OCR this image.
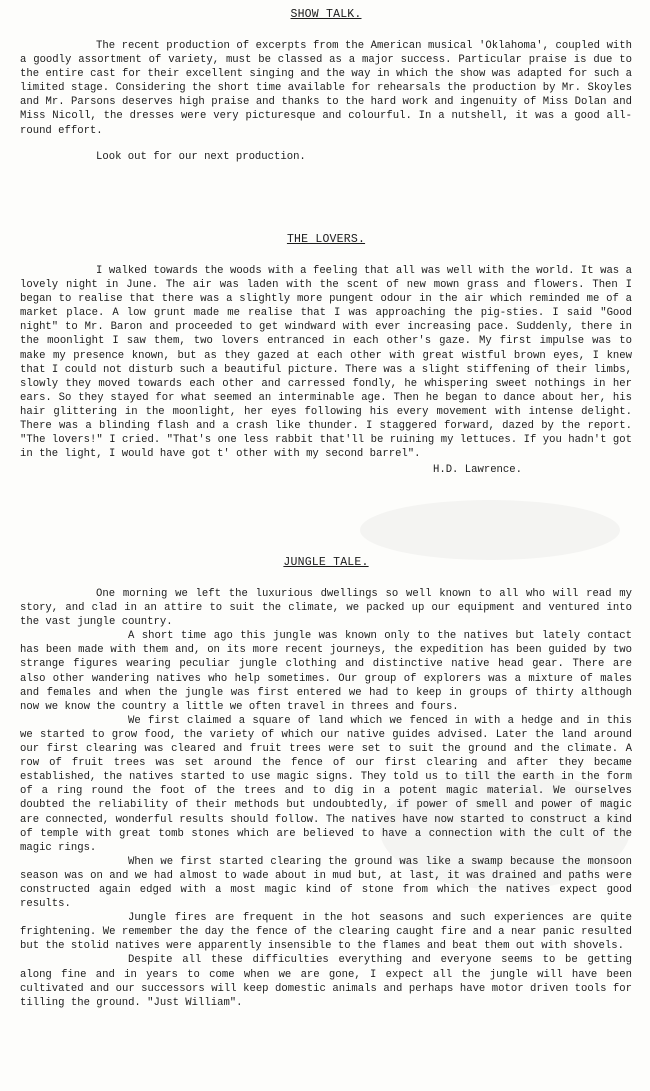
SHOW TALK.

The recent production of excerpts from the American musical 'Oklahoma', coupled with a goodly assortment of variety, must be classed as a major success. Particular praise is due to the entire cast for their excellent singing and the way in which the show was adapted for such a limited stage. Considering the short time available for rehearsals the production by Mr. Skoyles and Mr. Parsons deserves high praise and thanks to the hard work and ingenuity of Miss Dolan and Miss Nicoll, the dresses were very picturesque and colourful. In a nutshell, it was a good all-round effort.

Look out for our next production.

THE LOVERS.

I walked towards the woods with a feeling that all was well with the world. It was a lovely night in June. The air was laden with the scent of new mown grass and flowers. Then I began to realise that there was a slightly more pungent odour in the air which reminded me of a market place. A low grunt made me realise that I was approaching the pig-sties. I said "Good night" to Mr. Baron and proceeded to get windward with ever increasing pace. Suddenly, there in the moonlight I saw them, two lovers entranced in each other's gaze. My first impulse was to make my presence known, but as they gazed at each other with great wistful brown eyes, I knew that I could not disturb such a beautiful picture. There was a slight stiffening of their limbs, slowly they moved towards each other and carressed fondly, he whispering sweet nothings in her ears. So they stayed for what seemed an interminable age. Then he began to dance about her, his hair glittering in the moonlight, her eyes following his every movement with intense delight. There was a blinding flash and a crash like thunder. I staggered forward, dazed by the report. "The lovers!" I cried. "That's one less rabbit that'll be ruining my lettuces. If you hadn't got in the light, I would have got t' other with my second barrel".

H.D. Lawrence.

JUNGLE TALE.

One morning we left the luxurious dwellings so well known to all who will read my story, and clad in an attire to suit the climate, we packed up our equipment and ventured into the vast jungle country.

A short time ago this jungle was known only to the natives but lately contact has been made with them and, on its more recent journeys, the expedition has been guided by two strange figures wearing peculiar jungle clothing and distinctive native head gear. There are also other wandering natives who help sometimes. Our group of explorers was a mixture of males and females and when the jungle was first entered we had to keep in groups of thirty although now we know the country a little we often travel in threes and fours.

We first claimed a square of land which we fenced in with a hedge and in this we started to grow food, the variety of which our native guides advised. Later the land around our first clearing was cleared and fruit trees were set to suit the ground and the climate. A row of fruit trees was set around the fence of our first clearing and after they became established, the natives started to use magic signs. They told us to till the earth in the form of a ring round the foot of the trees and to dig in a potent magic material. We ourselves doubted the reliability of their methods but undoubtedly, if power of smell and power of magic are connected, wonderful results should follow. The natives have now started to construct a kind of temple with great tomb stones which are believed to have a connection with the cult of the magic rings.

When we first started clearing the ground was like a swamp because the monsoon season was on and we had almost to wade about in mud but, at last, it was drained and paths were constructed again edged with a most magic kind of stone from which the natives expect good results.

Jungle fires are frequent in the hot seasons and such experiences are quite frightening. We remember the day the fence of the clearing caught fire and a near panic resulted but the stolid natives were apparently insensible to the flames and beat them out with shovels.

Despite all these difficulties everything and everyone seems to be getting along fine and in years to come when we are gone, I expect all the jungle will have been cultivated and our successors will keep domestic animals and perhaps have motor driven tools for tilling the ground. "Just William".
